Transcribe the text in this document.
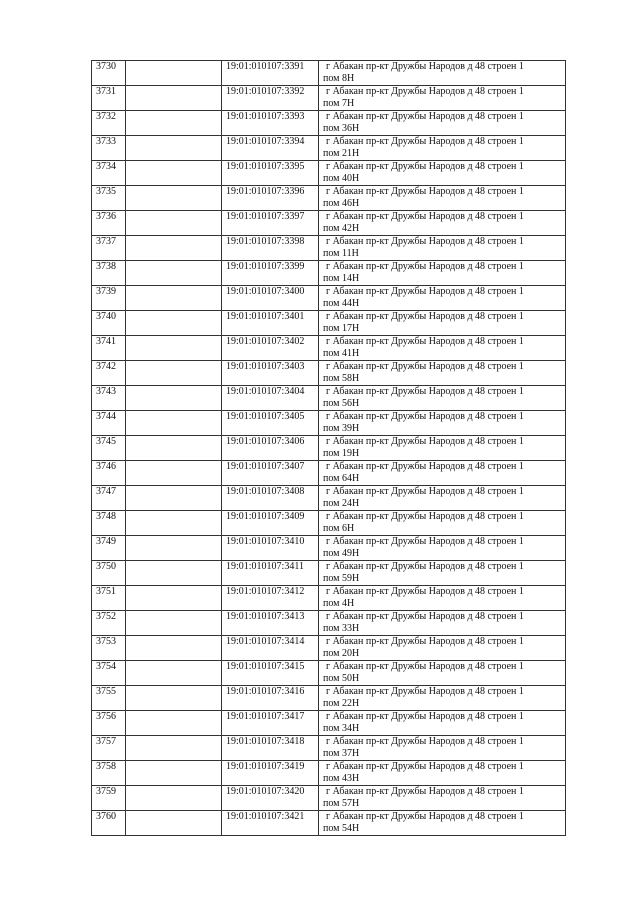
3730		19:01:010107:3391	г Абакан пр-кт Дружбы Народов д 48 строен 1
пом 8Н

3731		19:01:010107:3392	г Абакан пр-кт Дружбы Народов д 48 строен 1
пом 7Н

3732		19:01:010107:3393	г Абакан пр-кт Дружбы Народов д 48 строен 1
пом 36Н

3733		19:01:010107:3394	г Абакан пр-кт Дружбы Народов д 48 строен 1
пом 21Н

3734		19:01:010107:3395	г Абакан пр-кт Дружбы Народов д 48 строен 1
пом 40Н

3735		19:01:010107:3396	г Абакан пр-кт Дружбы Народов д 48 строен 1
пом 46Н

3736		19:01:010107:3397	г Абакан пр-кт Дружбы Народов д 48 строен 1
пом 42Н

3737		19:01:010107:3398	г Абакан пр-кт Дружбы Народов д 48 строен 1
пом 11Н

3738		19:01:010107:3399	г Абакан пр-кт Дружбы Народов д 48 строен 1
пом 14Н

3739		19:01:010107:3400	г Абакан пр-кт Дружбы Народов д 48 строен 1
пом 44Н

3740		19:01:010107:3401	г Абакан пр-кт Дружбы Народов д 48 строен 1
пом 17Н

3741		19:01:010107:3402	г Абакан пр-кт Дружбы Народов д 48 строен 1
пом 41Н

3742		19:01:010107:3403	г Абакан пр-кт Дружбы Народов д 48 строен 1
пом 58Н

3743		19:01:010107:3404	г Абакан пр-кт Дружбы Народов д 48 строен 1
пом 56Н

3744		19:01:010107:3405	г Абакан пр-кт Дружбы Народов д 48 строен 1
пом 39Н

3745		19:01:010107:3406	г Абакан пр-кт Дружбы Народов д 48 строен 1
пом 19Н

3746		19:01:010107:3407	г Абакан пр-кт Дружбы Народов д 48 строен 1
пом 64Н

3747		19:01:010107:3408	г Абакан пр-кт Дружбы Народов д 48 строен 1
пом 24Н

3748		19:01:010107:3409	г Абакан пр-кт Дружбы Народов д 48 строен 1
пом 6Н

3749		19:01:010107:3410	г Абакан пр-кт Дружбы Народов д 48 строен 1
пом 49Н

3750		19:01:010107:3411	г Абакан пр-кт Дружбы Народов д 48 строен 1
пом 59Н

3751		19:01:010107:3412	г Абакан пр-кт Дружбы Народов д 48 строен 1
пом 4Н

3752		19:01:010107:3413	г Абакан пр-кт Дружбы Народов д 48 строен 1
пом 33Н

3753		19:01:010107:3414	г Абакан пр-кт Дружбы Народов д 48 строен 1
пом 20Н

3754		19:01:010107:3415	г Абакан пр-кт Дружбы Народов д 48 строен 1
пом 50Н

3755		19:01:010107:3416	г Абакан пр-кт Дружбы Народов д 48 строен 1
пом 22Н

3756		19:01:010107:3417	г Абакан пр-кт Дружбы Народов д 48 строен 1
пом 34Н

3757		19:01:010107:3418	г Абакан пр-кт Дружбы Народов д 48 строен 1
пом 37Н

3758		19:01:010107:3419	г Абакан пр-кт Дружбы Народов д 48 строен 1
пом 43Н

3759		19:01:010107:3420	г Абакан пр-кт Дружбы Народов д 48 строен 1
пом 57Н

3760		19:01:010107:3421	г Абакан пр-кт Дружбы Народов д 48 строен 1
пом 54Н
